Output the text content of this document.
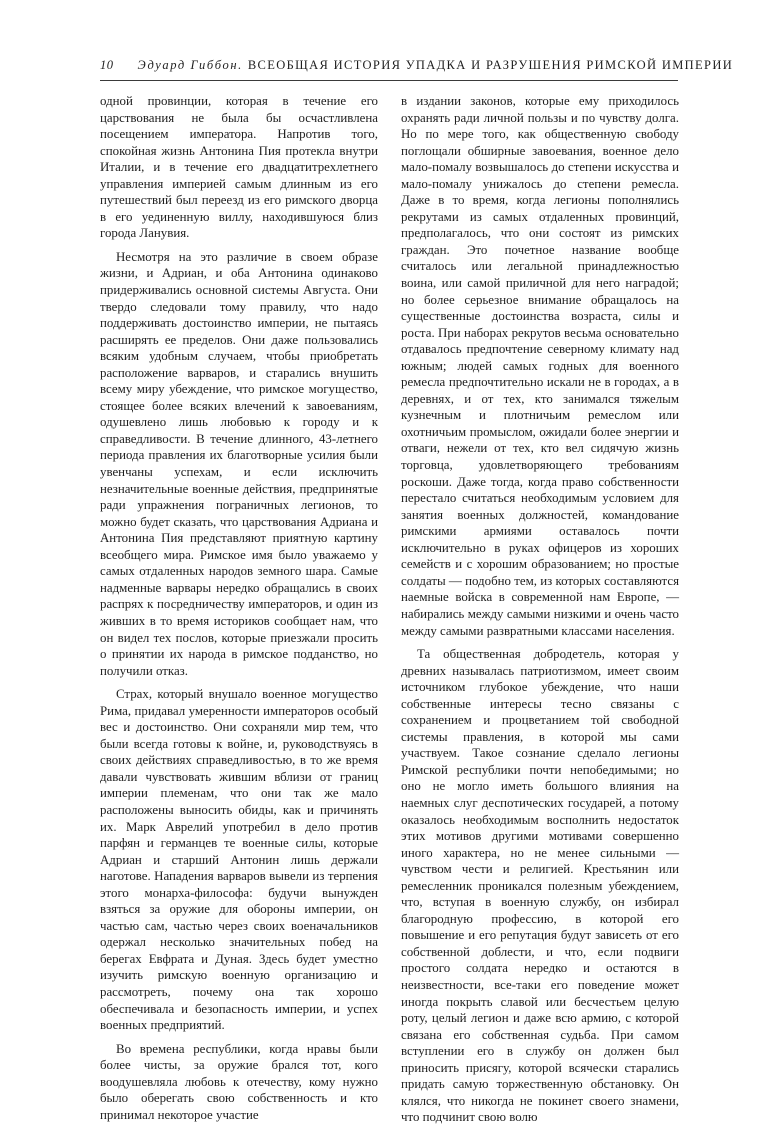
10 Эдуард Гиббон. ВСЕОБЩАЯ ИСТОРИЯ УПАДКА И РАЗРУШЕНИЯ РИМСКОЙ ИМПЕРИИ

одной провинции, которая в течение его царствования не была бы осчастливлена посещением императора. Напротив того, спокойная жизнь Антонина Пия протекла внутри Италии, и в течение его двадцатитрехлетнего управления империей самым длинным из его путешествий был переезд из его римского дворца в его уединенную виллу, находившуюся близ города Ланувия.

Несмотря на это различие в своем образе жизни, и Адриан, и оба Антонина одинаково придерживались основной системы Августа. Они твердо следовали тому правилу, что надо поддерживать достоинство империи, не пытаясь расширять ее пределов. Они даже пользовались всяким удобным случаем, чтобы приобретать расположение варваров, и старались внушить всему миру убеждение, что римское могущество, стоящее более всяких влечений к завоеваниям, одушевлено лишь любовью к городу и к справедливости. В течение длинного, 43-летнего периода правления их благотворные усилия были увенчаны успехам, и если исключить незначительные военные действия, предпринятые ради упражнения пограничных легионов, то можно будет сказать, что царствования Адриана и Антонина Пия представляют приятную картину всеобщего мира. Римское имя было уважаемо у самых отдаленных народов земного шара. Самые надменные варвары нередко обращались в своих распрях к посредничеству императоров, и один из живших в то время историков сообщает нам, что он видел тех послов, которые приезжали просить о принятии их народа в римское подданство, но получили отказ.

Страх, который внушало военное могущество Рима, придавал умеренности императоров особый вес и достоинство. Они сохраняли мир тем, что были всегда готовы к войне, и, руководствуясь в своих действиях справедливостью, в то же время давали чувствовать жившим вблизи от границ империи племенам, что они так же мало расположены выносить обиды, как и причинять их. Марк Аврелий употребил в дело против парфян и германцев те военные силы, которые Адриан и старший Антонин лишь держали наготове. Нападения варваров вывели из терпения этого монарха-философа: будучи вынужден взяться за оружие для обороны империи, он частью сам, частью через своих военачальников одержал несколько значительных побед на берегах Евфрата и Дуная. Здесь будет уместно изучить римскую военную организацию и рассмотреть, почему она так хорошо обеспечивала и безопасность империи, и успех военных предприятий.

Во времена республики, когда нравы были более чисты, за оружие брался тот, кого воодушевляла любовь к отечеству, кому нужно было оберегать свою собственность и кто принимал некоторое участие

в издании законов, которые ему приходилось охранять ради личной пользы и по чувству долга. Но по мере того, как общественную свободу поглощали обширные завоевания, военное дело мало-помалу возвышалось до степени искусства и мало-помалу унижалось до степени ремесла. Даже в то время, когда легионы пополнялись рекрутами из самых отдаленных провинций, предполагалось, что они состоят из римских граждан. Это почетное название вообще считалось или легальной принадлежностью воина, или самой приличной для него наградой; но более серьезное внимание обращалось на существенные достоинства возраста, силы и роста. При наборах рекрутов весьма основательно отдавалось предпочтение северному климату над южным; людей самых годных для военного ремесла предпочтительно искали не в городах, а в деревнях, и от тех, кто занимался тяжелым кузнечным и плотничьим ремеслом или охотничьим промыслом, ожидали более энергии и отваги, нежели от тех, кто вел сидячую жизнь торговца, удовлетворяющего требованиям роскоши. Даже тогда, когда право собственности перестало считаться необходимым условием для занятия военных должностей, командование римскими армиями оставалось почти исключительно в руках офицеров из хороших семейств и с хорошим образованием; но простые солдаты — подобно тем, из которых составляются наемные войска в современной нам Европе, — набирались между самыми низкими и очень часто между самыми развратными классами населения.

Та общественная добродетель, которая у древних называлась патриотизмом, имеет своим источником глубокое убеждение, что наши собственные интересы тесно связаны с сохранением и процветанием той свободной системы правления, в которой мы сами участвуем. Такое сознание сделало легионы Римской республики почти непобедимыми; но оно не могло иметь большого влияния на наемных слуг деспотических государей, а потому оказалось необходимым восполнить недостаток этих мотивов другими мотивами совершенно иного характера, но не менее сильными — чувством чести и религией. Крестьянин или ремесленник проникался полезным убеждением, что, вступая в военную службу, он избирал благородную профессию, в которой его повышение и его репутация будут зависеть от его собственной доблести, и что, если подвиги простого солдата нередко и остаются в неизвестности, все-таки его поведение может иногда покрыть славой или бесчестьем целую роту, целый легион и даже всю армию, с которой связана его собственная судьба. При самом вступлении его в службу он должен был приносить присягу, которой всячески старались придать самую торжественную обстановку. Он клялся, что никогда не покинет своего знамени, что подчинит свою волю
